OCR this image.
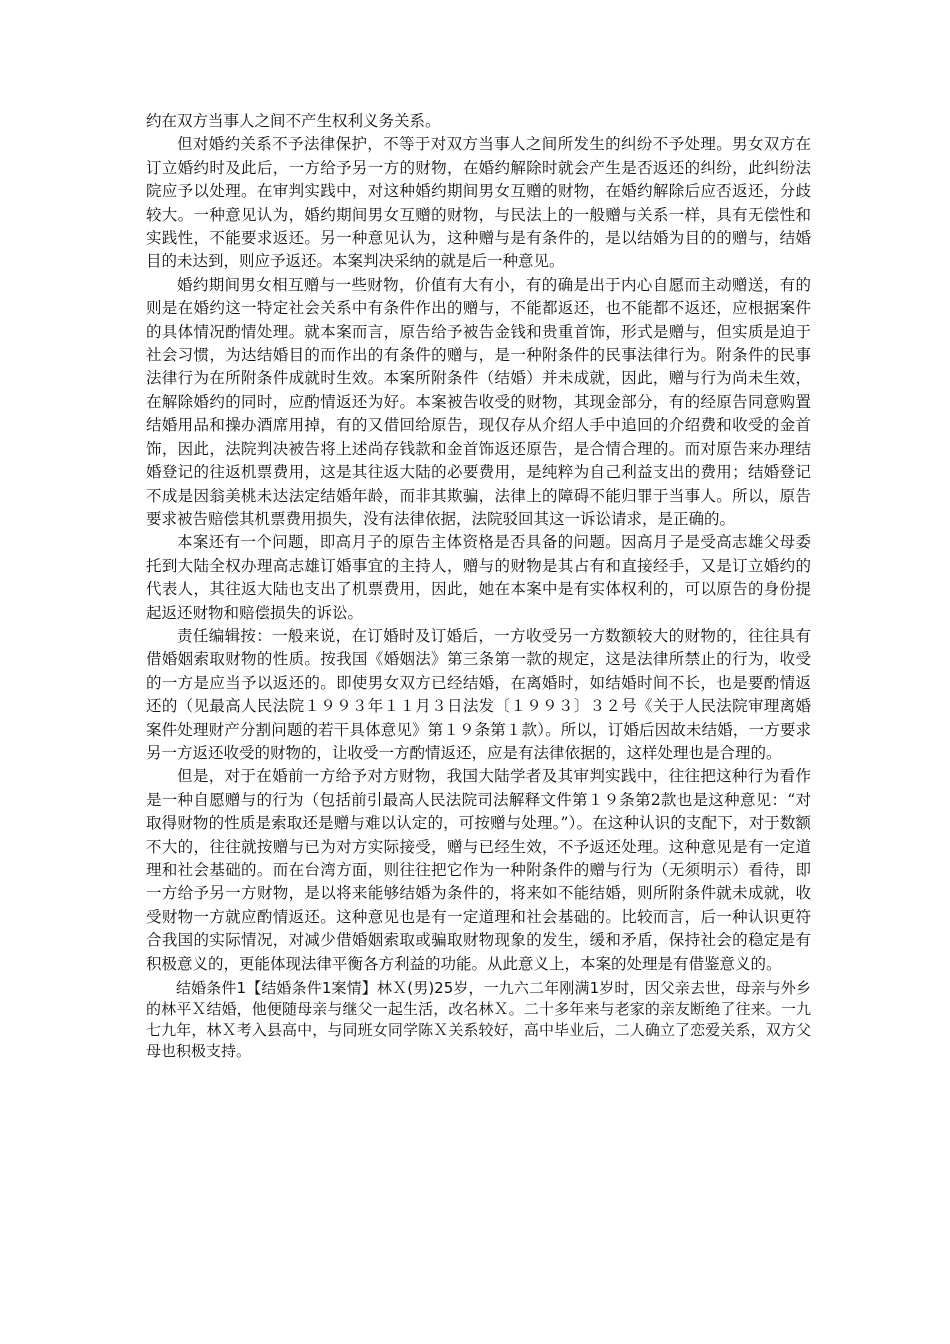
约在双方当事人之间不产生权利义务关系。

但对婚约关系不予法律保护，不等于对双方当事人之间所发生的纠纷不予处理。男女双方在订立婚约时及此后，一方给予另一方的财物，在婚约解除时就会产生是否返还的纠纷，此纠纷法院应予以处理。在审判实践中，对这种婚约期间男女互赠的财物，在婚约解除后应否返还，分歧较大。一种意见认为，婚约期间男女互赠的财物，与民法上的一般赠与关系一样，具有无偿性和实践性，不能要求返还。另一种意见认为，这种赠与是有条件的，是以结婚为目的的赠与，结婚目的未达到，则应予返还。本案判决采纳的就是后一种意见。

婚约期间男女相互赠与一些财物，价值有大有小，有的确是出于内心自愿而主动赠送，有的则是在婚约这一特定社会关系中有条件作出的赠与，不能都返还，也不能都不返还，应根据案件的具体情况酌情处理。就本案而言，原告给予被告金钱和贵重首饰，形式是赠与，但实质是迫于社会习惯，为达结婚目的而作出的有条件的赠与，是一种附条件的民事法律行为。附条件的民事法律行为在所附条件成就时生效。本案所附条件（结婚）并未成就，因此，赠与行为尚未生效，在解除婚约的同时，应酌情返还为好。本案被告收受的财物，其现金部分，有的经原告同意购置结婚用品和操办酒席用掉，有的又借回给原告，现仅存从介绍人手中追回的介绍费和收受的金首饰，因此，法院判决被告将上述尚存钱款和金首饰返还原告，是合情合理的。而对原告来办理结婚登记的往返机票费用，这是其往返大陆的必要费用，是纯粹为自己利益支出的费用；结婚登记不成是因翁美桃未达法定结婚年龄，而非其欺骗，法律上的障碍不能归罪于当事人。所以，原告要求被告赔偿其机票费用损失，没有法律依据，法院驳回其这一诉讼请求，是正确的。

本案还有一个问题，即高月子的原告主体资格是否具备的问题。因高月子是受高志雄父母委托到大陆全权办理高志雄订婚事宜的主持人，赠与的财物是其占有和直接经手，又是订立婚约的代表人，其往返大陆也支出了机票费用，因此，她在本案中是有实体权利的，可以原告的身份提起返还财物和赔偿损失的诉讼。

责任编辑按：一般来说，在订婚时及订婚后，一方收受另一方数额较大的财物的，往往具有借婚姻索取财物的性质。按我国《婚姻法》第三条第一款的规定，这是法律所禁止的行为，收受的一方是应当予以返还的。即使男女双方已经结婚，在离婚时，如结婚时间不长，也是要酌情返还的（见最高人民法院１９９３年１１月３日法发〔１９９３〕３２号《关于人民法院审理离婚案件处理财产分割问题的若干具体意见》第１９条第１款）。所以，订婚后因故未结婚，一方要求另一方返还收受的财物的，让收受一方酌情返还，应是有法律依据的，这样处理也是合理的。

但是，对于在婚前一方给予对方财物，我国大陆学者及其审判实践中，往往把这种行为看作是一种自愿赠与的行为（包括前引最高人民法院司法解释文件第１９条第2款也是这种意见：“对取得财物的性质是索取还是赠与难以认定的，可按赠与处理。”）。在这种认识的支配下，对于数额不大的，往往就按赠与已为对方实际接受，赠与已经生效，不予返还处理。这种意见是有一定道理和社会基础的。而在台湾方面，则往往把它作为一种附条件的赠与行为（无须明示）看待，即一方给予另一方财物，是以将来能够结婚为条件的，将来如不能结婚，则所附条件就未成就，收受财物一方就应酌情返还。这种意见也是有一定道理和社会基础的。比较而言，后一种认识更符合我国的实际情况，对减少借婚姻索取或骗取财物现象的发生，缓和矛盾，保持社会的稳定是有积极意义的，更能体现法律平衡各方利益的功能。从此意义上，本案的处理是有借鉴意义的。

结婚条件1【结婚条件1案情】林Ｘ(男)25岁，一九六二年刚满1岁时，因父亲去世，母亲与外乡的林平Ｘ结婚，他便随母亲与继父一起生活，改名林Ｘ。二十多年来与老家的亲友断绝了往来。一九七九年，林Ｘ考入县高中，与同班女同学陈Ｘ关系较好，高中毕业后，二人确立了恋爱关系，双方父母也积极支持。
